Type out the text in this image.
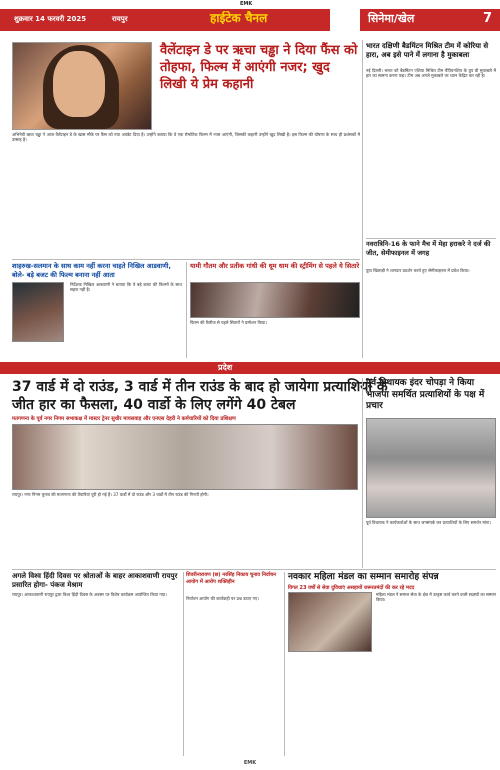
EMK
शुक्रवार 14 फरवरी 2025	रायपुर	हाईटेक चैनल	सिनेमा/खेल	7
वैलेंटाइन डे पर ऋचा चड्ढा ने दिया फैंस को तोहफा, फिल्म में आएंगी नजर; खुद लिखी ये प्रेम कहानी
अभिनेत्री ऋचा चड्ढा ने आज वैलेंटाइन डे के खास मौके पर फैंस को नया अपडेट दिया है। उन्होंने बताया कि वे एक रोमांटिक फिल्म में नजर आएंगी, जिसकी कहानी उन्होंने खुद लिखी है। इस फिल्म की घोषणा के साथ ही प्रशंसकों में उत्साह है।
भारत दक्षिणी बैडमिंटन मिश्रित टीम में कोरिया से हारा, अब इसे पाने में लगाना है मुकाबला
नई दिल्ली। भारत को बैडमिंटन एशिया मिश्रित टीम चैंपियनशिप के ग्रुप डी मुकाबले में हार का सामना करना पड़ा। टीम अब अगले मुकाबले पर ध्यान केंद्रित कर रही है।
नवरात्रिनि-16 के फाने मैच में मेहा हराकरे ने दर्ज की जीत, सेमीफाइनल में जगह
युवा खिलाड़ी ने शानदार प्रदर्शन करते हुए सेमीफाइनल में प्रवेश किया।
शाहरुख-सलमान के साथ काम नहीं करना चाहते निखिल आडवाणी, बोले- बड़े बजट की फिल्म बनाना नहीं आता
निर्देशक निखिल आडवाणी ने बताया कि वे बड़े बजट की फिल्मों के साथ सहज नहीं हैं।
यामी गौतम और प्रतीक गांधी की धूम धाम की स्ट्रीमिंग से पहले ये सितारे
फिल्म की रिलीज से पहले सितारों ने प्रमोशन किया।
प्रदेश
37 वार्ड में दो राउंड, 3 वार्ड में तीन राउंड के बाद हो जायेगा प्रत्याशियों के जीत हार का फैसला, 40 वार्डो के लिए लगेंगे 40 टेबल
मतगणना के पूर्व नगर निगम सभाकक्ष में मास्टर ट्रेनर सुधीर मायसवाड़ और एनएस देहरी ने कर्मचारियों को दिया प्रशिक्षण
रायपुर। नगर निगम चुनाव की मतगणना की तैयारियां पूरी हो गई हैं। 37 वार्डों में दो राउंड और 3 वार्डों में तीन राउंड की गिनती होगी।
पूर्व विधायक इंदर चोपड़ा ने किया भाजपा समर्थित प्रत्याशियों के पक्ष में प्रचार
पूर्व विधायक ने कार्यकर्ताओं के साथ जनसंपर्क कर प्रत्याशियों के लिए समर्थन मांगा।
अगले विश्व हिंदी दिवस पर श्रोताओं के बाहर आकाशवाणी रायपुर प्रसारित होगा- पंकज मेश्राम
रायपुर। आकाशवाणी रायपुर द्वारा विश्व हिंदी दिवस के अवसर पर विशेष कार्यक्रम आयोजित किया गया।
शिवरीनारायण (छ) नरसिंह निकाय चुनाव निर्वाचन आयोग में आरोप शक्तिहीन
निर्वाचन आयोग की कार्यवाही पर प्रश्न उठाए गए।
नवकार महिला मंडल का सम्मान समारोह संपन्न
विगत 23 वर्षों से सेवा दुविधाएं असहायों जरूरतमंदों की कर रहे मदद
महिला मंडल ने समाज सेवा के क्षेत्र में उत्कृष्ट कार्य करने वाली सदस्यों का सम्मान किया।
EMK
